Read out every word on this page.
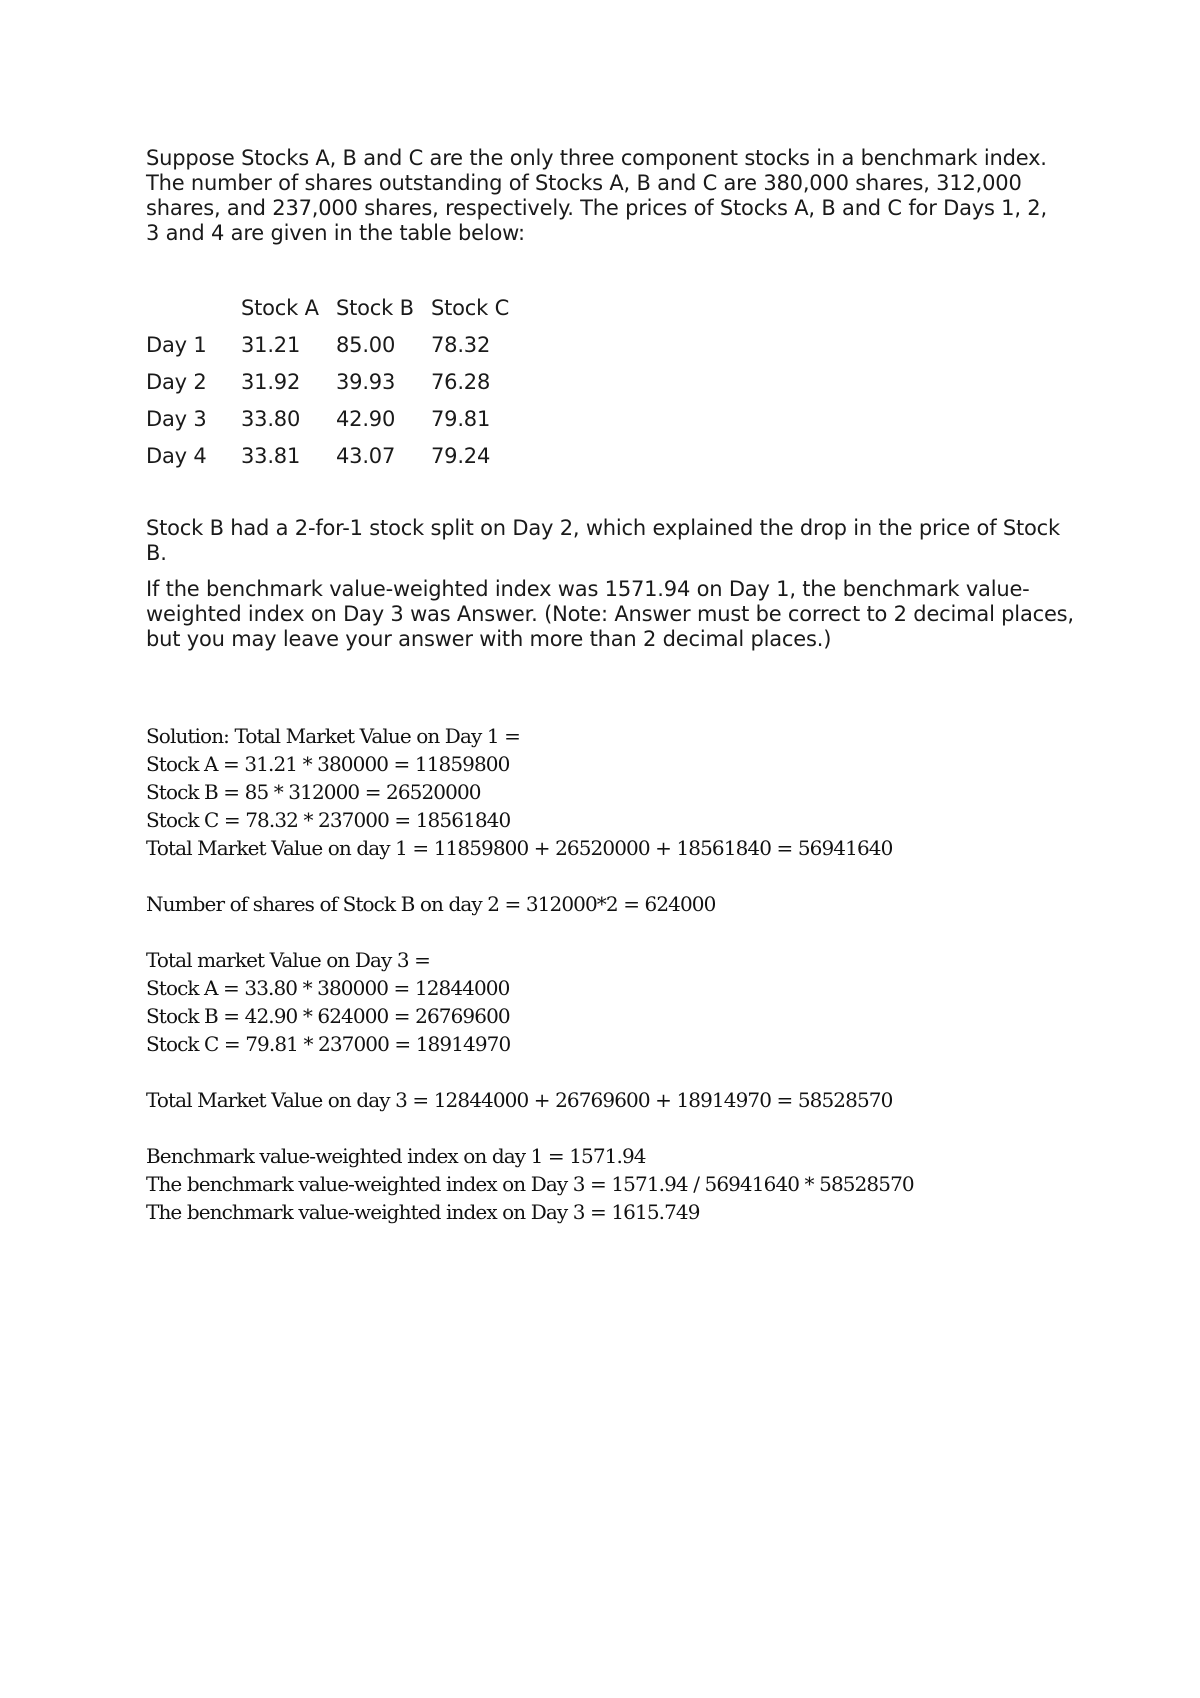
Suppose Stocks A, B and C are the only three component stocks in a benchmark index. The number of shares outstanding of Stocks A, B and C are 380,000 shares, 312,000 shares, and 237,000 shares, respectively. The prices of Stocks A, B and C for Days 1, 2, 3 and 4 are given in the table below:

	Stock A	Stock B	Stock C
Day 1	31.21	85.00	78.32
Day 2	31.92	39.93	76.28
Day 3	33.80	42.90	79.81
Day 4	33.81	43.07	79.24

Stock B had a 2-for-1 stock split on Day 2, which explained the drop in the price of Stock B.

If the benchmark value-weighted index was 1571.94 on Day 1, the benchmark value-weighted index on Day 3 was Answer. (Note: Answer must be correct to 2 decimal places, but you may leave your answer with more than 2 decimal places.)

Solution: Total Market Value on Day 1 =
Stock A = 31.21 * 380000 = 11859800
Stock B = 85 * 312000 = 26520000
Stock C = 78.32 * 237000 = 18561840
Total Market Value on day 1 = 11859800 + 26520000 + 18561840 = 56941640
Number of shares of Stock B on day 2 = 312000*2 = 624000
Total market Value on Day 3 =
Stock A = 33.80 * 380000 = 12844000
Stock B = 42.90 * 624000 = 26769600
Stock C = 79.81 * 237000 = 18914970
Total Market Value on day 3 = 12844000 + 26769600 + 18914970 = 58528570
Benchmark value-weighted index on day 1 = 1571.94
The benchmark value-weighted index on Day 3 = 1571.94 / 56941640 * 58528570
The benchmark value-weighted index on Day 3 = 1615.749
